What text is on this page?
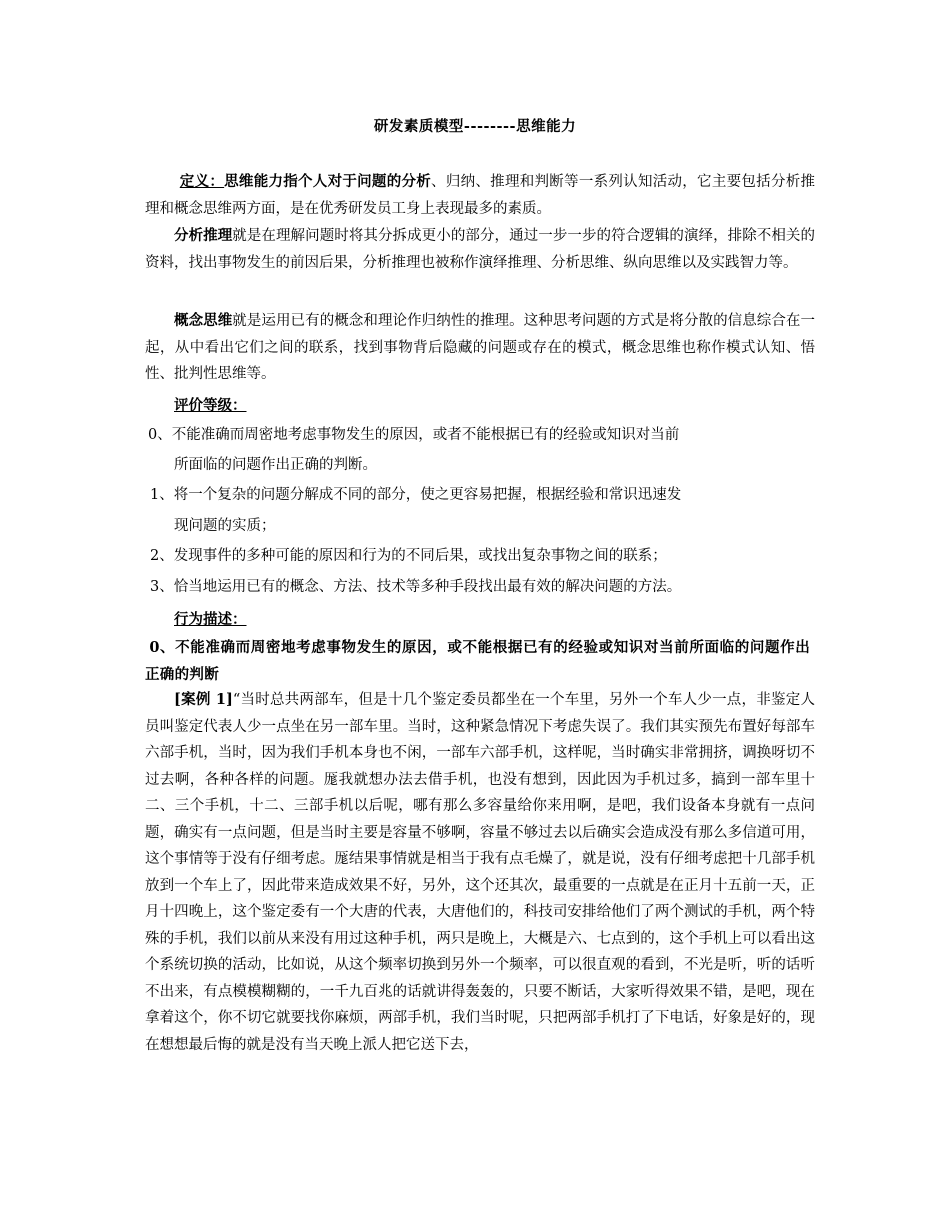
研发素质模型--------思维能力
定义：思维能力指个人对于问题的分析、归纳、推理和判断等一系列认知活动，它主要包括分析推理和概念思维两方面，是在优秀研发员工身上表现最多的素质。
分析推理就是在理解问题时将其分拆成更小的部分，通过一步一步的符合逻辑的演绎，排除不相关的资料，找出事物发生的前因后果，分析推理也被称作演绎推理、分析思维、纵向思维以及实践智力等。
概念思维就是运用已有的概念和理论作归纳性的推理。这种思考问题的方式是将分散的信息综合在一起，从中看出它们之间的联系，找到事物背后隐藏的问题或存在的模式，概念思维也称作模式认知、悟性、批判性思维等。
评价等级：
0、不能准确而周密地考虑事物发生的原因，或者不能根据已有的经验或知识对当前
所面临的问题作出正确的判断。
1、将一个复杂的问题分解成不同的部分，使之更容易把握，根据经验和常识迅速发
现问题的实质；
2、发现事件的多种可能的原因和行为的不同后果，或找出复杂事物之间的联系；
3、恰当地运用已有的概念、方法、技术等多种手段找出最有效的解决问题的方法。
行为描述：
0、不能准确而周密地考虑事物发生的原因，或不能根据已有的经验或知识对当前所面临的问题作出正确的判断
[案例 1]“当时总共两部车，但是十几个鉴定委员都坐在一个车里，另外一个车人少一点，非鉴定人员叫鉴定代表人少一点坐在另一部车里。当时，这种紧急情况下考虑失误了。我们其实预先布置好每部车六部手机，当时，因为我们手机本身也不闲，一部车六部手机，这样呢，当时确实非常拥挤，调换呀切不过去啊，各种各样的问题。厖我就想办法去借手机，也没有想到，因此因为手机过多，搞到一部车里十二、三个手机，十二、三部手机以后呢，哪有那么多容量给你来用啊，是吧，我们设备本身就有一点问题，确实有一点问题，但是当时主要是容量不够啊，容量不够过去以后确实会造成没有那么多信道可用，这个事情等于没有仔细考虑。厖结果事情就是相当于我有点毛燥了，就是说，没有仔细考虑把十几部手机放到一个车上了，因此带来造成效果不好，另外，这个还其次，最重要的一点就是在正月十五前一天，正月十四晚上，这个鉴定委有一个大唐的代表，大唐他们的，科技司安排给他们了两个测试的手机，两个特殊的手机，我们以前从来没有用过这种手机，两只是晚上，大概是六、七点到的，这个手机上可以看出这个系统切换的活动，比如说，从这个频率切换到另外一个频率，可以很直观的看到，不光是听，听的话听不出来，有点模模糊糊的，一千九百兆的话就讲得轰轰的，只要不断话，大家听得效果不错，是吧，现在拿着这个，你不切它就要找你麻烦，两部手机，我们当时呢，只把两部手机打了下电话，好象是好的，现在想想最后悔的就是没有当天晚上派人把它送下去，
